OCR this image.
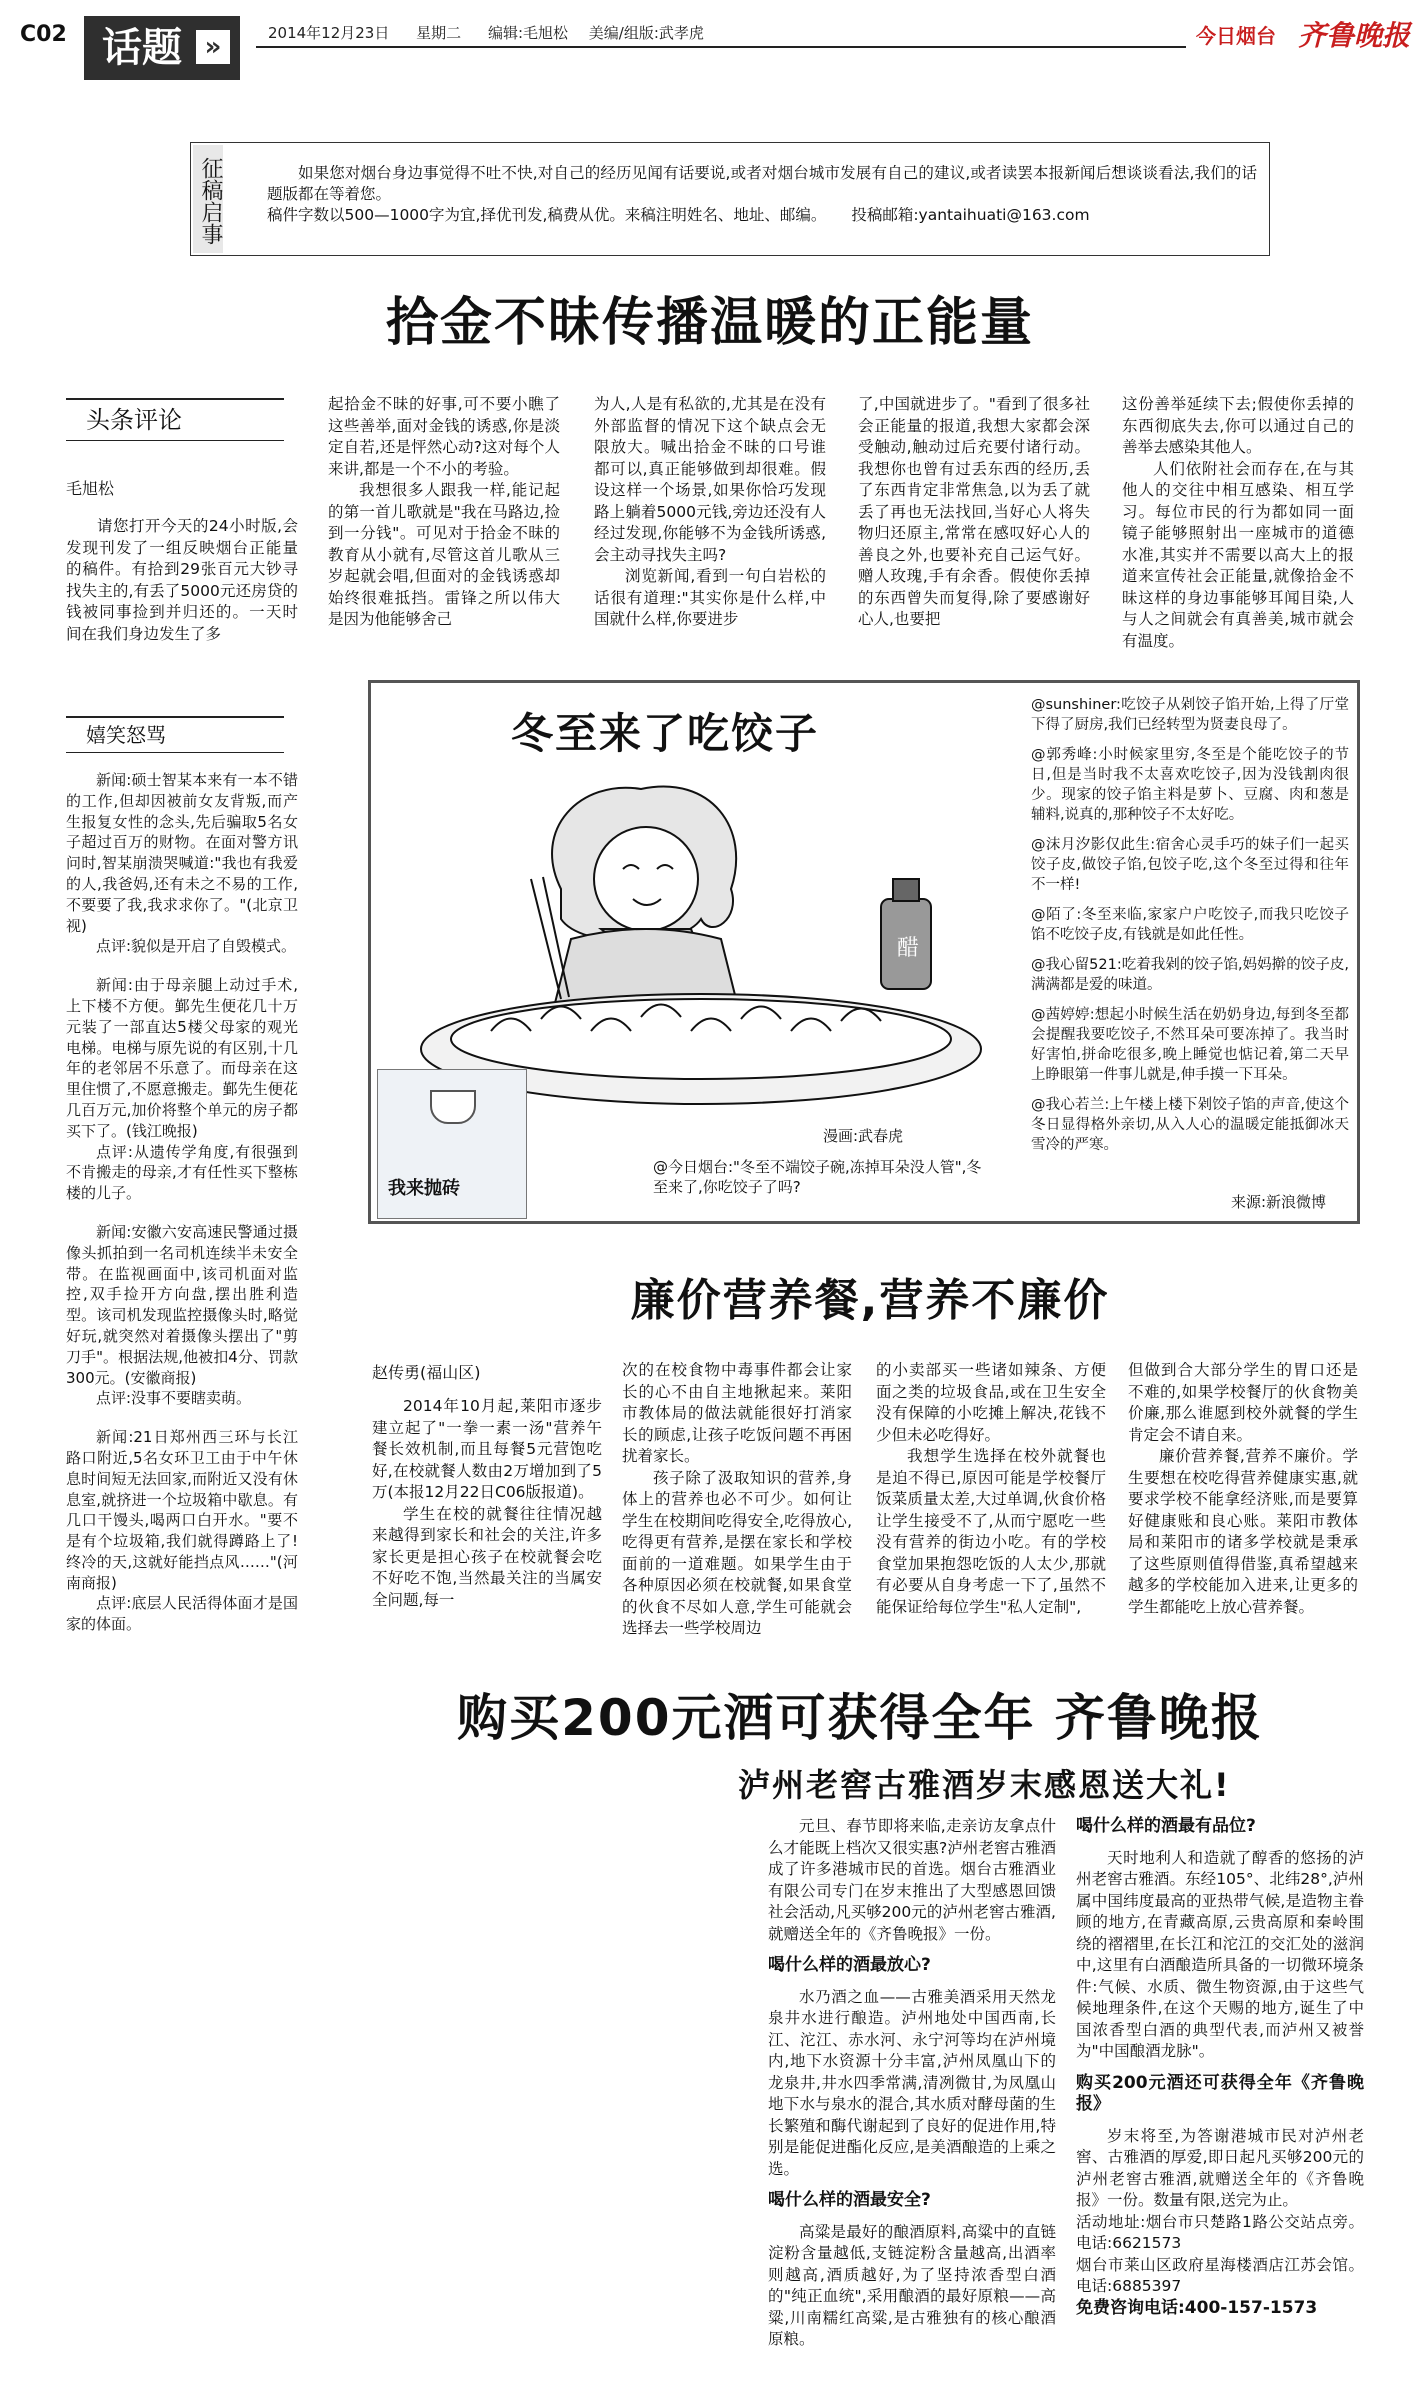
C02 话题 »	2014年12月23日 星期二 编辑:毛旭松 美编/组版:武孝虎	今日烟台 齐鲁晚报
征稿启事	如果您对烟台身边事觉得不吐不快,对自己的经历见闻有话要说,或者对烟台城市发展有自己的建议,或者读罢本报新闻后想谈谈看法,我们的话题版都在等着您。

稿件字数以500—1000字为宜,择优刊发,稿费从优。来稿注明姓名、地址、邮编。 投稿邮箱:yantaihuati@163.com

拾金不昧传播温暖的正能量
头条评论
毛旭松

请您打开今天的24小时版,会发现刊发了一组反映烟台正能量的稿件。有拾到29张百元大钞寻找失主的,有丢了5000元还房贷的钱被同事捡到并归还的。一天时间在我们身边发生了多

起拾金不昧的好事,可不要小瞧了这些善举,面对金钱的诱惑,你是淡定自若,还是怦然心动?这对每个人来讲,都是一个不小的考验。

我想很多人跟我一样,能记起的第一首儿歌就是"我在马路边,捡到一分钱"。可见对于拾金不昧的教育从小就有,尽管这首儿歌从三岁起就会唱,但面对的金钱诱惑却始终很难抵挡。雷锋之所以伟大是因为他能够舍己

为人,人是有私欲的,尤其是在没有外部监督的情况下这个缺点会无限放大。喊出拾金不昧的口号谁都可以,真正能够做到却很难。假设这样一个场景,如果你恰巧发现路上躺着5000元钱,旁边还没有人经过发现,你能够不为金钱所诱惑,会主动寻找失主吗?

浏览新闻,看到一句白岩松的话很有道理:"其实你是什么样,中国就什么样,你要进步

了,中国就进步了。"看到了很多社会正能量的报道,我想大家都会深受触动,触动过后充要付诸行动。我想你也曾有过丢东西的经历,丢了东西肯定非常焦急,以为丢了就丢了再也无法找回,当好心人将失物归还原主,常常在感叹好心人的善良之外,也要补充自己运气好。赠人玫瑰,手有余香。假使你丢掉的东西曾失而复得,除了要感谢好心人,也要把

这份善举延续下去;假使你丢掉的东西彻底失去,你可以通过自己的善举去感染其他人。

人们依附社会而存在,在与其他人的交往中相互感染、相互学习。每位市民的行为都如同一面镜子能够照射出一座城市的道德水准,其实并不需要以高大上的报道来宣传社会正能量,就像拾金不昧这样的身边事能够耳闻目染,人与人之间就会有真善美,城市就会有温度。

嬉笑怒骂

新闻:硕士智某本来有一本不错的工作,但却因被前女友背叛,而产生报复女性的念头,先后骗取5名女子超过百万的财物。在面对警方讯问时,智某崩溃哭喊道:"我也有我爱的人,我爸妈,还有未之不易的工作,不要要了我,我求求你了。"(北京卫视)

点评:貌似是开启了自毁模式。

新闻:由于母亲腿上动过手术,上下楼不方便。鄞先生便花几十万元装了一部直达5楼父母家的观光电梯。电梯与原先说的有区别,十几年的老邻居不乐意了。而母亲在这里住惯了,不愿意搬走。鄞先生便花几百万元,加价将整个单元的房子都买下了。(钱江晚报)

点评:从遗传学角度,有很强到不肯搬走的母亲,才有任性买下整栋楼的儿子。

新闻:安徽六安高速民警通过摄像头抓拍到一名司机连续半未安全带。在监视画面中,该司机面对监控,双手捡开方向盘,摆出胜利造型。该司机发现监控摄像头时,略觉好玩,就突然对着摄像头摆出了"剪刀手"。根据法规,他被扣4分、罚款300元。(安徽商报)

点评:没事不要瞎卖萌。

新闻:21日郑州西三环与长江路口附近,5名女环卫工由于中午休息时间短无法回家,而附近又没有休息室,就挤进一个垃圾箱中歇息。有几口干馒头,喝两口白开水。"要不是有个垃圾箱,我们就得蹲路上了!终冷的天,这就好能挡点风……"(河南商报)

点评:底层人民活得体面才是国家的体面。

冬至来了吃饺子
醋
漫画:武春虎
@今日烟台:"冬至不端饺子碗,冻掉耳朵没人管",冬至来了,你吃饺子了吗?
我来抛砖

@sunshiner:吃饺子从剁饺子馅开始,上得了厅堂下得了厨房,我们已经转型为贤妻良母了。

@郭秀峰:小时候家里穷,冬至是个能吃饺子的节日,但是当时我不太喜欢吃饺子,因为没钱割肉很少。现家的饺子馅主料是萝卜、豆腐、肉和葱是辅料,说真的,那种饺子不太好吃。

@沫月汐影仅此生:宿舍心灵手巧的妹子们一起买饺子皮,做饺子馅,包饺子吃,这个冬至过得和往年不一样!

@陌了:冬至来临,家家户户吃饺子,而我只吃饺子馅不吃饺子皮,有钱就是如此任性。

@我心留521:吃着我剁的饺子馅,妈妈擀的饺子皮,满满都是爱的味道。

@茜婷婷:想起小时候生活在奶奶身边,每到冬至都会提醒我要吃饺子,不然耳朵可要冻掉了。我当时好害怕,拼命吃很多,晚上睡觉也惦记着,第二天早上睁眼第一件事儿就是,伸手摸一下耳朵。

@我心若兰:上午楼上楼下剁饺子馅的声音,使这个冬日显得格外亲切,从入人心的温暖定能抵御冰天雪冷的严寒。

来源:新浪微博
廉价营养餐,营养不廉价
赵传勇(福山区)

2014年10月起,莱阳市逐步建立起了"一拳一素一汤"营养午餐长效机制,而且每餐5元营饱吃好,在校就餐人数由2万增加到了5万(本报12月22日C06版报道)。

学生在校的就餐往往情况越来越得到家长和社会的关注,许多家长更是担心孩子在校就餐会吃不好吃不饱,当然最关注的当属安全问题,每一

次的在校食物中毒事件都会让家长的心不由自主地揪起来。莱阳市教体局的做法就能很好打消家长的顾虑,让孩子吃饭问题不再困扰着家长。

孩子除了汲取知识的营养,身体上的营养也必不可少。如何让学生在校期间吃得安全,吃得放心,吃得更有营养,是摆在家长和学校面前的一道难题。如果学生由于各种原因必须在校就餐,如果食堂的伙食不尽如人意,学生可能就会选择去一些学校周边

的小卖部买一些诸如辣条、方便面之类的垃圾食品,或在卫生安全没有保障的小吃摊上解决,花钱不少但未必吃得好。

我想学生选择在校外就餐也是迫不得已,原因可能是学校餐厅饭菜质量太差,大过单调,伙食价格让学生接受不了,从而宁愿吃一些没有营养的街边小吃。有的学校食堂加果抱怨吃饭的人太少,那就有必要从自身考虑一下了,虽然不能保证给每位学生"私人定制",

但做到合大部分学生的胃口还是不难的,如果学校餐厅的伙食物美价廉,那么谁愿到校外就餐的学生肯定会不请自来。

廉价营养餐,营养不廉价。学生要想在校吃得营养健康实惠,就要求学校不能拿经济账,而是要算好健康账和良心账。莱阳市教体局和莱阳市的诸多学校就是秉承了这些原则值得借鉴,真希望越来越多的学校能加入进来,让更多的学生都能吃上放心营养餐。

购买200元酒可获得全年 齐鲁晚报
泸州老窖古雅酒岁末感恩送大礼!

元旦、春节即将来临,走亲访友拿点什么才能既上档次又很实惠?泸州老窖古雅酒成了许多港城市民的首选。烟台古雅酒业有限公司专门在岁末推出了大型感恩回馈社会活动,凡买够200元的泸州老窖古雅酒,就赠送全年的《齐鲁晚报》一份。

喝什么样的酒最放心?

水乃酒之血——古雅美酒采用天然龙泉井水进行酿造。泸州地处中国西南,长江、沱江、赤水河、永宁河等均在泸州境内,地下水资源十分丰富,泸州凤凰山下的龙泉井,井水四季常满,清冽微甘,为凤凰山地下水与泉水的混合,其水质对酵母菌的生长繁殖和酶代谢起到了良好的促进作用,特别是能促进酯化反应,是美酒酿造的上乘之选。

喝什么样的酒最安全?

高粱是最好的酿酒原料,高粱中的直链淀粉含量越低,支链淀粉含量越高,出酒率则越高,酒质越好,为了坚持浓香型白酒的"纯正血统",采用酿酒的最好原粮——高粱,川南糯红高粱,是古雅独有的核心酿酒原粮。

喝什么样的酒最有品位?

天时地利人和造就了醇香的悠扬的泸州老窖古雅酒。东经105°、北纬28°,泸州属中国纬度最高的亚热带气候,是造物主眷顾的地方,在青藏高原,云贵高原和秦岭围绕的褶褶里,在长江和沱江的交汇处的滋润中,这里有白酒酿造所具备的一切微环境条件:气候、水质、微生物资源,由于这些气候地理条件,在这个天赐的地方,诞生了中国浓香型白酒的典型代表,而泸州又被誉为"中国酿酒龙脉"。

购买200元酒还可获得全年《齐鲁晚报》

岁末将至,为答谢港城市民对泸州老窖、古雅酒的厚爱,即日起凡买够200元的泸州老窖古雅酒,就赠送全年的《齐鲁晚报》一份。数量有限,送完为止。

活动地址:烟台市只楚路1路公交站点旁。电话:6621573

烟台市莱山区政府星海楼酒店江苏会馆。电话:6885397

免费咨询电话:400-157-1573
